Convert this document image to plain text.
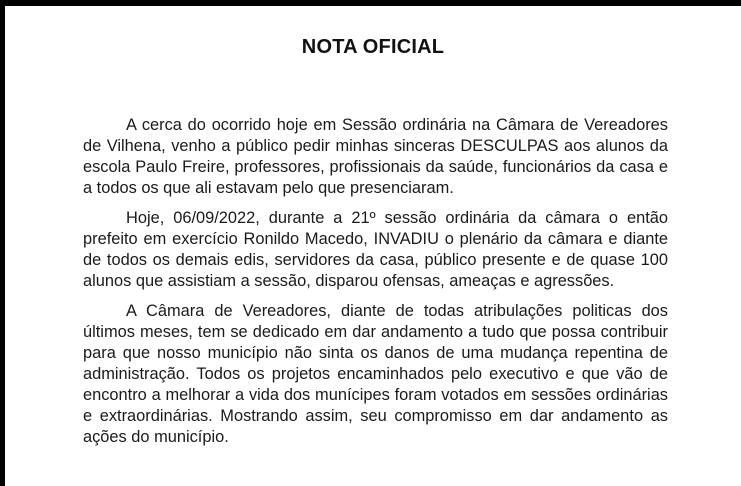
NOTA OFICIAL

A cerca do ocorrido hoje em Sessão ordinária na Câmara de Vereadores de Vilhena, venho a público pedir minhas sinceras DESCULPAS aos alunos da escola Paulo Freire, professores, profissionais da saúde, funcionários da casa e a todos os que ali estavam pelo que presenciaram.

Hoje, 06/09/2022, durante a 21º sessão ordinária da câmara o então prefeito em exercício Ronildo Macedo, INVADIU o plenário da câmara e diante de todos os demais edis, servidores da casa, público presente e de quase 100 alunos que assistiam a sessão, disparou ofensas, ameaças e agressões.

A Câmara de Vereadores, diante de todas atribulações politicas dos últimos meses, tem se dedicado em dar andamento a tudo que possa contribuir para que nosso município não sinta os danos de uma mudança repentina de administração. Todos os projetos encaminhados pelo executivo e que vão de encontro a melhorar a vida dos munícipes foram votados em sessões ordinárias e extraordinárias. Mostrando assim, seu compromisso em dar andamento as ações do município.
